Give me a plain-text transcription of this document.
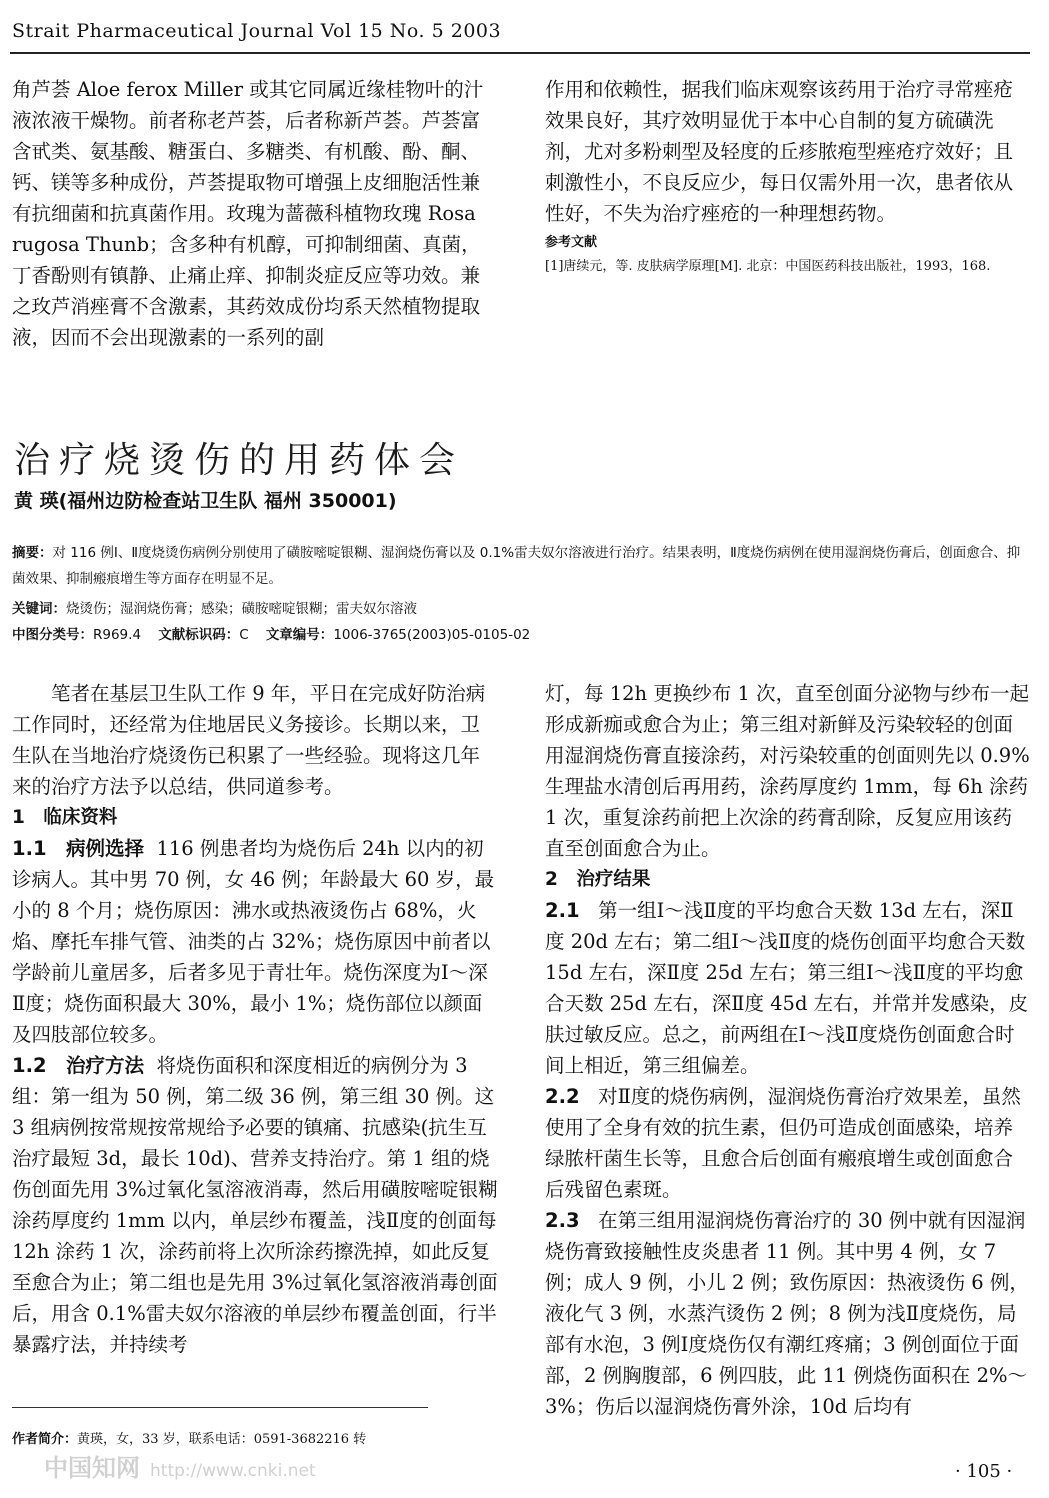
Strait Pharmaceutical Journal Vol 15 No. 5 2003

角芦荟 Aloe ferox Miller 或其它同属近缘桂物叶的汁液浓液干燥物。前者称老芦荟，后者称新芦荟。芦荟富含甙类、氨基酸、糖蛋白、多糖类、有机酸、酚、酮、钙、镁等多种成份，芦荟提取物可增强上皮细胞活性兼有抗细菌和抗真菌作用。玫瑰为蔷薇科植物玫瑰 Rosa rugosa Thunb；含多种有机醇，可抑制细菌、真菌，丁香酚则有镇静、止痛止痒、抑制炎症反应等功效。兼之玫芦消痤膏不含激素，其药效成份均系天然植物提取液，因而不会出现激素的一系列的副

作用和依赖性，据我们临床观察该药用于治疗寻常痤疮效果良好，其疗效明显优于本中心自制的复方硫磺洗剂，尤对多粉刺型及轻度的丘疹脓疱型痤疮疗效好；且刺激性小，不良反应少，每日仅需外用一次，患者依从性好，不失为治疗痤疮的一种理想药物。

参考文献
[1]唐续元，等. 皮肤病学原理[M]. 北京：中国医药科技出版社，1993，168.
治疗烧烫伤的用药体会
黄 瑛(福州边防检查站卫生队 福州 350001)
摘要：对 116 例Ⅰ、Ⅱ度烧烫伤病例分别使用了磺胺嘧啶银糊、湿润烧伤膏以及 0.1%雷夫奴尔溶液进行治疗。结果表明，Ⅱ度烧伤病例在使用湿润烧伤膏后，创面愈合、抑菌效果、抑制瘢痕增生等方面存在明显不足。
关键词：烧烫伤；湿润烧伤膏；感染；磺胺嘧啶银糊；雷夫奴尔溶液
中图分类号：R969.4 文献标识码：C 文章编号：1006-3765(2003)05-0105-02

笔者在基层卫生队工作 9 年，平日在完成好防治病工作同时，还经常为住地居民义务接诊。长期以来，卫生队在当地治疗烧烫伤已积累了一些经验。现将这几年来的治疗方法予以总结，供同道参考。

1　临床资料

1.1　病例选择 116 例患者均为烧伤后 24h 以内的初诊病人。其中男 70 例，女 46 例；年龄最大 60 岁，最小的 8 个月；烧伤原因：沸水或热液烫伤占 68%，火焰、摩托车排气管、油类的占 32%；烧伤原因中前者以学龄前儿童居多，后者多见于青壮年。烧伤深度为Ⅰ～深Ⅱ度；烧伤面积最大 30%，最小 1%；烧伤部位以颜面及四肢部位较多。

1.2　治疗方法 将烧伤面积和深度相近的病例分为 3 组：第一组为 50 例，第二级 36 例，第三组 30 例。这 3 组病例按常规按常规给予必要的镇痛、抗感染(抗生互治疗最短 3d，最长 10d)、营养支持治疗。第 1 组的烧伤创面先用 3%过氧化氢溶液消毒，然后用磺胺嘧啶银糊涂药厚度约 1mm 以内，单层纱布覆盖，浅Ⅱ度的创面每 12h 涂药 1 次，涂药前将上次所涂药擦洗掉，如此反复至愈合为止；第二组也是先用 3%过氧化氢溶液消毒创面后，用含 0.1%雷夫奴尔溶液的单层纱布覆盖创面，行半暴露疗法，并持续考

灯，每 12h 更换纱布 1 次，直至创面分泌物与纱布一起形成新痂或愈合为止；第三组对新鲜及污染较轻的创面用湿润烧伤膏直接涂药，对污染较重的创面则先以 0.9%生理盐水清创后再用药，涂药厚度约 1mm，每 6h 涂药 1 次，重复涂药前把上次涂的药膏刮除，反复应用该药直至创面愈合为止。

2　治疗结果

2.1 第一组Ⅰ～浅Ⅱ度的平均愈合天数 13d 左右，深Ⅱ度 20d 左右；第二组Ⅰ～浅Ⅱ度的烧伤创面平均愈合天数 15d 左右，深Ⅱ度 25d 左右；第三组Ⅰ～浅Ⅱ度的平均愈合天数 25d 左右，深Ⅱ度 45d 左右，并常并发感染，皮肤过敏反应。总之，前两组在Ⅰ～浅Ⅱ度烧伤创面愈合时间上相近，第三组偏差。

2.2 对Ⅱ度的烧伤病例，湿润烧伤膏治疗效果差，虽然使用了全身有效的抗生素，但仍可造成创面感染，培养绿脓杆菌生长等，且愈合后创面有瘢痕增生或创面愈合后残留色素斑。

2.3 在第三组用湿润烧伤膏治疗的 30 例中就有因湿润烧伤膏致接触性皮炎患者 11 例。其中男 4 例，女 7 例；成人 9 例，小儿 2 例；致伤原因：热液烫伤 6 例，液化气 3 例，水蒸汽烫伤 2 例；8 例为浅Ⅱ度烧伤，局部有水泡，3 例Ⅰ度烧伤仅有潮红疼痛；3 例创面位于面部，2 例胸腹部，6 例四肢，此 11 例烧伤面积在 2%～3%；伤后以湿润烧伤膏外涂，10d 后均有

作者简介：黄瑛，女，33 岁，联系电话：0591-3682216 转
中国知网 http://www.cnki.net	· 105 ·
